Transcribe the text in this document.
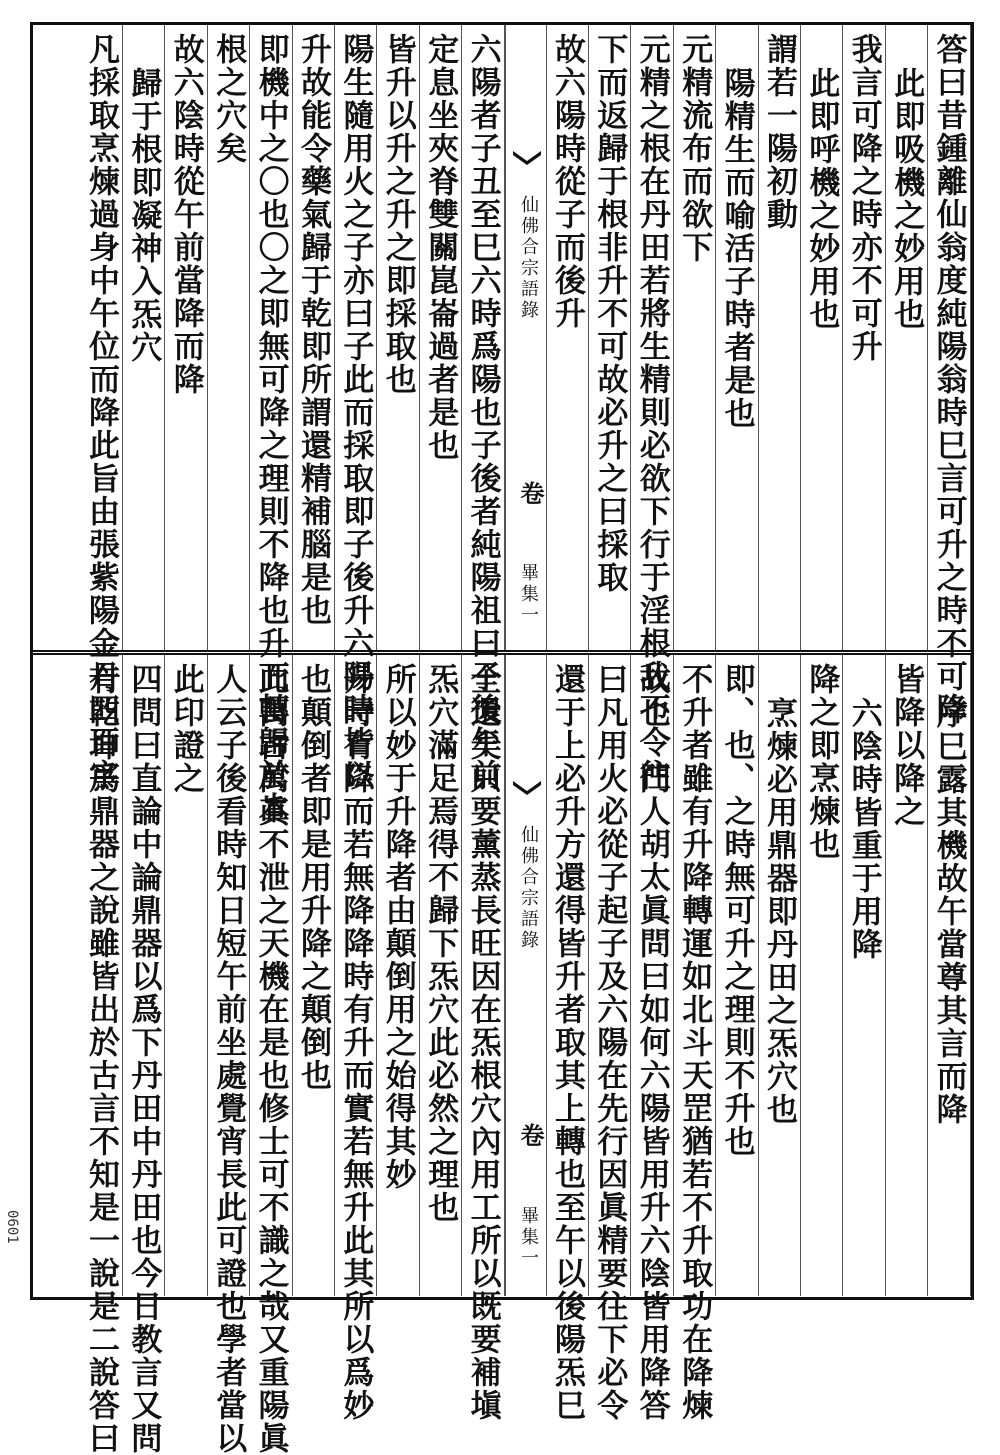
答曰昔鍾離仙翁度純陽翁時巳言可升之時不可降
此即吸機之妙用也
我言可降之時亦不可升
此即呼機之妙用也
謂若一陽初動
陽精生而喻活子時者是也
元精流布而欲下
元精之根在丹田若將生精則必欲下行于淫根我不令往
下而返歸于根非升不可故必升之曰採取
故六陽時從子而後升
仙佛合宗語錄
卷
畢集一
六陽者子丑至巳六時爲陽也子後者純陽祖曰子後午前
定息坐夾脊雙關崑崙過者是也
皆升以升之升之即採取也
陽生隨用火之子亦曰子此而採取即子後升六陽時皆以
升故能令藥氣歸于乾即所謂還精補腦是也
即機中之〇也〇之即無可降之理則不降也升而轉歸於本
根之穴矣
故六陰時從午前當降而降
歸于根即凝神入炁穴
凡採取烹煉過身中午位而降此旨由張紫陽金丹四百字
序巳露其機故午當尊其言而降
皆降以降之
六陰時皆重于用降
降之即烹煉也
烹煉必用鼎器即丹田之炁穴也
即、也、之時無可升之理則不升也
不升者雖有升降轉運如北斗天罡猶若不升取功在降煉
故也　門人胡太眞問曰如何六陽皆用升六陰皆用降答
曰凡用火必從子起子及六陽在先行因眞精要往下必令
還于上必升方還得皆升者取其上轉也至午以後陽炁巳
仙佛合宗語錄
卷
畢集一
全還矣只要薰蒸長旺因在炁根穴內用工所以既要補塡
炁穴滿足焉得不歸下炁穴此必然之理也
所以妙于升降者由顛倒用之始得其妙
升時有降而若無降降時有升而實若無升此其所以爲妙
也顛倒者即是用升降之顛倒也
此萬古萬眞不泄之天機在是也修士可不識之哉又重陽眞
人云子後看時知日短午前坐處覺宵長此可證也學者當以
此印證之
四問曰直論中論鼎器以爲下丹田中丹田也今日教言又問
有乾坤爲鼎器之說雖皆出於古言不知是一說是二說答曰
0601
